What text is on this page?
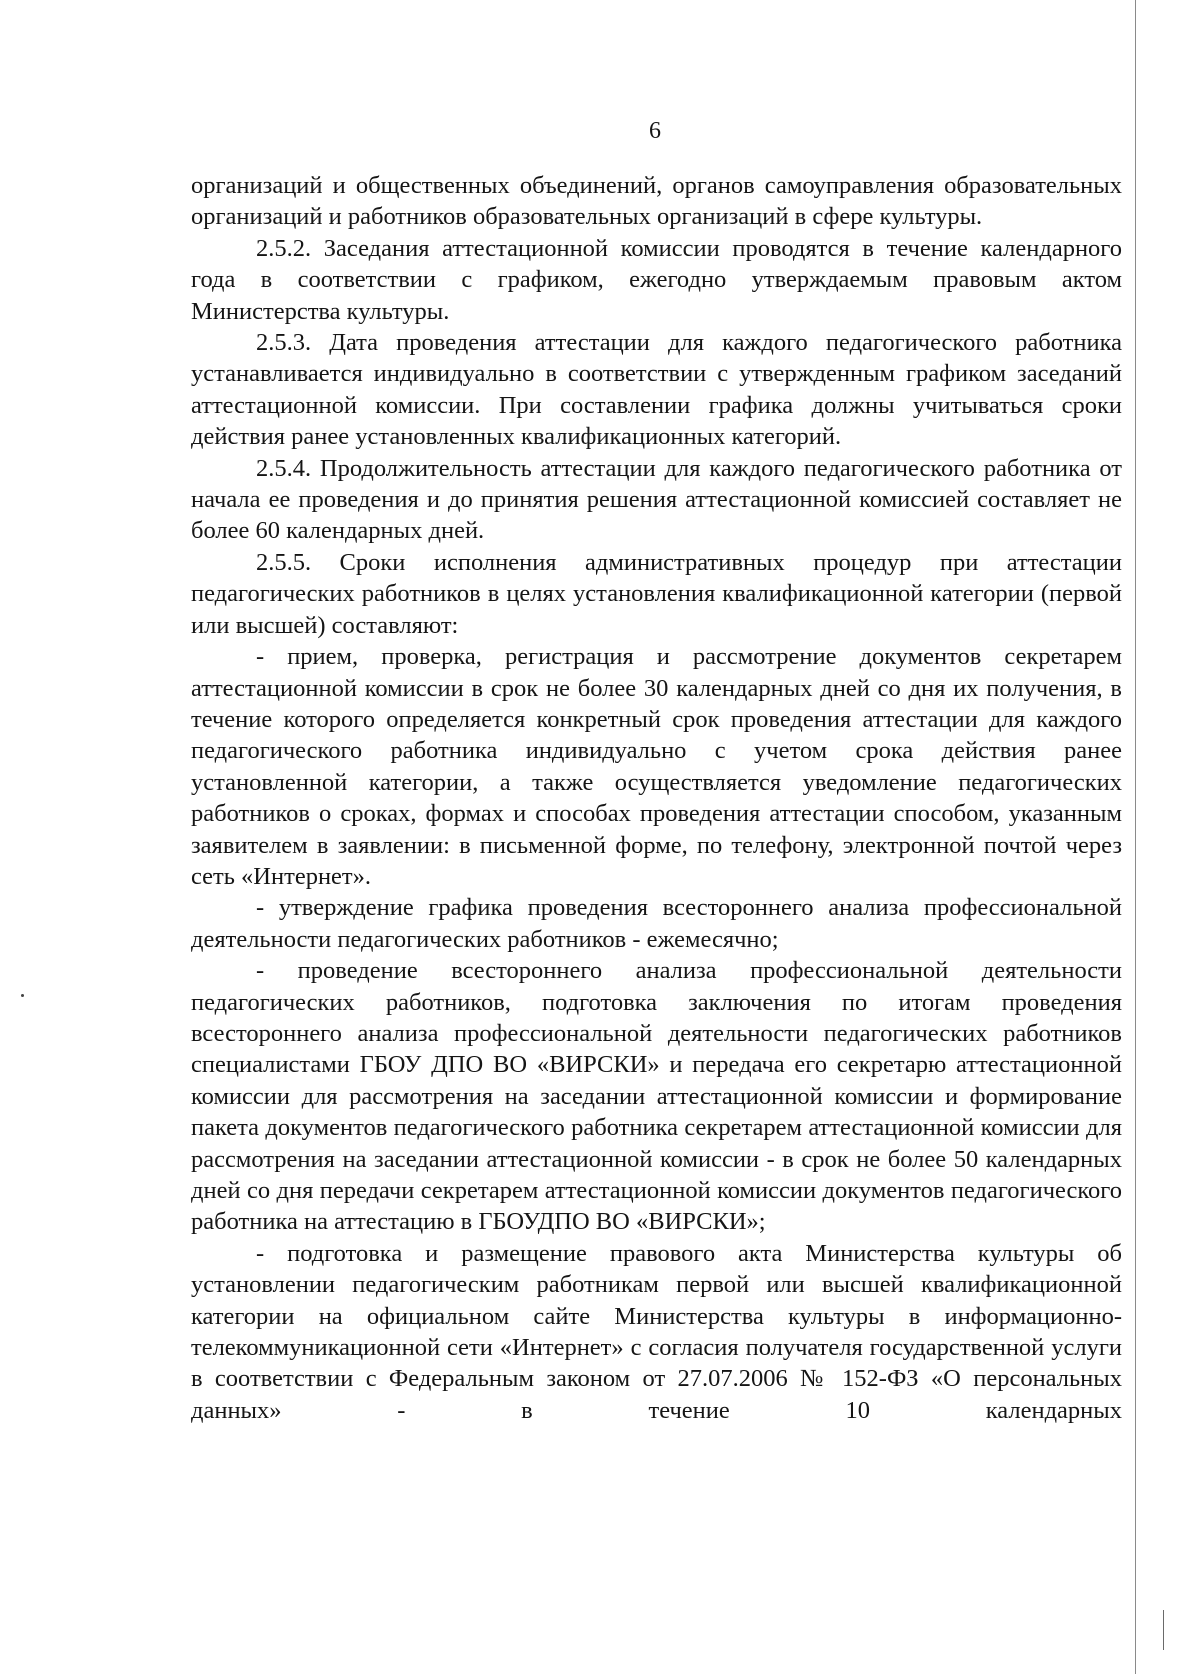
6

организаций и общественных объединений, органов самоуправления образовательных организаций и работников образовательных организаций в сфере культуры.

2.5.2. Заседания аттестационной комиссии проводятся в течение календарного года в соответствии с графиком, ежегодно утверждаемым правовым актом Министерства культуры.

2.5.3. Дата проведения аттестации для каждого педагогического работника устанавливается индивидуально в соответствии с утвержденным графиком заседаний аттестационной комиссии. При составлении графика должны учитываться сроки действия ранее установленных квалификационных категорий.

2.5.4. Продолжительность аттестации для каждого педагогического работника от начала ее проведения и до принятия решения аттестационной комиссией составляет не более 60 календарных дней.

2.5.5. Сроки исполнения административных процедур при аттестации педагогических работников в целях установления квалификационной категории (первой или высшей) составляют:

- прием, проверка, регистрация и рассмотрение документов секретарем аттестационной комиссии в срок не более 30 календарных дней со дня их получения, в течение которого определяется конкретный срок проведения аттестации для каждого педагогического работника индивидуально с учетом срока действия ранее установленной категории, а также осуществляется уведомление педагогических работников о сроках, формах и способах проведения аттестации способом, указанным заявителем в заявлении: в письменной форме, по телефону, электронной почтой через сеть «Интернет».

- утверждение графика проведения всестороннего анализа профессиональной деятельности педагогических работников - ежемесячно;

- проведение всестороннего анализа профессиональной деятельности педагогических работников, подготовка заключения по итогам проведения всестороннего анализа профессиональной деятельности педагогических работников специалистами ГБОУ ДПО ВО «ВИРСКИ» и передача его секретарю аттестационной комиссии для рассмотрения на заседании аттестационной комиссии и формирование пакета документов педагогического работника секретарем аттестационной комиссии для рассмотрения на заседании аттестационной комиссии - в срок не более 50 календарных дней со дня передачи секретарем аттестационной комиссии документов педагогического работника на аттестацию в ГБОУДПО ВО «ВИРСКИ»;

- подготовка и размещение правового акта Министерства культуры об установлении педагогическим работникам первой или высшей квалификационной категории на официальном сайте Министерства культуры в информационно-телекоммуникационной сети «Интернет» с согласия получателя государственной услуги в соответствии с Федеральным законом от 27.07.2006 № 152-ФЗ «О персональных данных» - в течение 10 календарных
